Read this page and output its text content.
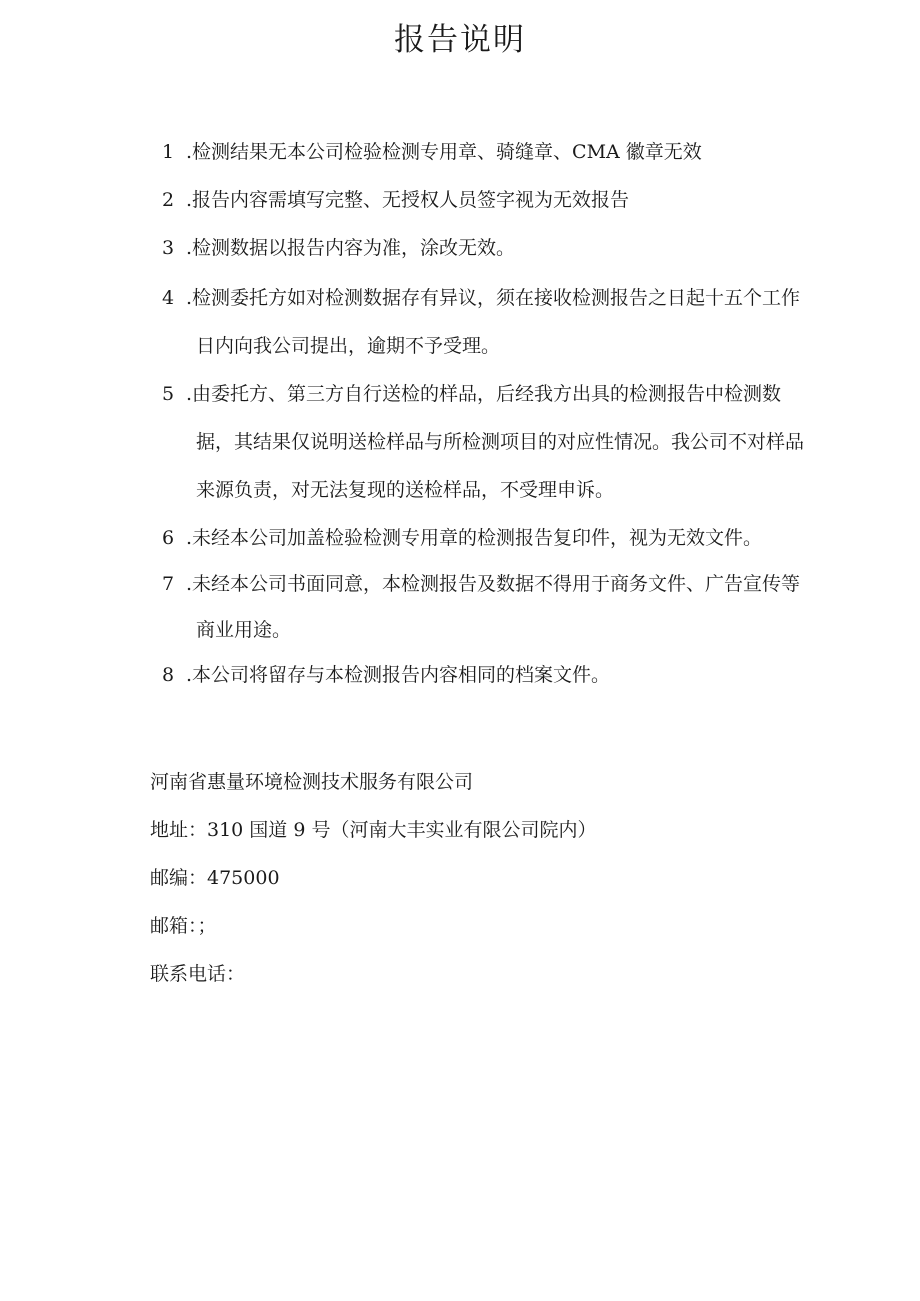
报告说明
1 .检测结果无本公司检验检测专用章、骑缝章、CMA 徽章无效
2 .报告内容需填写完整、无授权人员签字视为无效报告
3 .检测数据以报告内容为准，涂改无效。
4 .检测委托方如对检测数据存有异议，须在接收检测报告之日起十五个工作
日内向我公司提出，逾期不予受理。
5 .由委托方、第三方自行送检的样品，后经我方出具的检测报告中检测数
据，其结果仅说明送检样品与所检测项目的对应性情况。我公司不对样品
来源负责，对无法复现的送检样品，不受理申诉。
6 .未经本公司加盖检验检测专用章的检测报告复印件，视为无效文件。
7 .未经本公司书面同意，本检测报告及数据不得用于商务文件、广告宣传等
商业用途。
8 .本公司将留存与本检测报告内容相同的档案文件。
河南省惠量环境检测技术服务有限公司
地址：310 国道 9 号（河南大丰实业有限公司院内）
邮编：475000
邮箱：；
联系电话：
